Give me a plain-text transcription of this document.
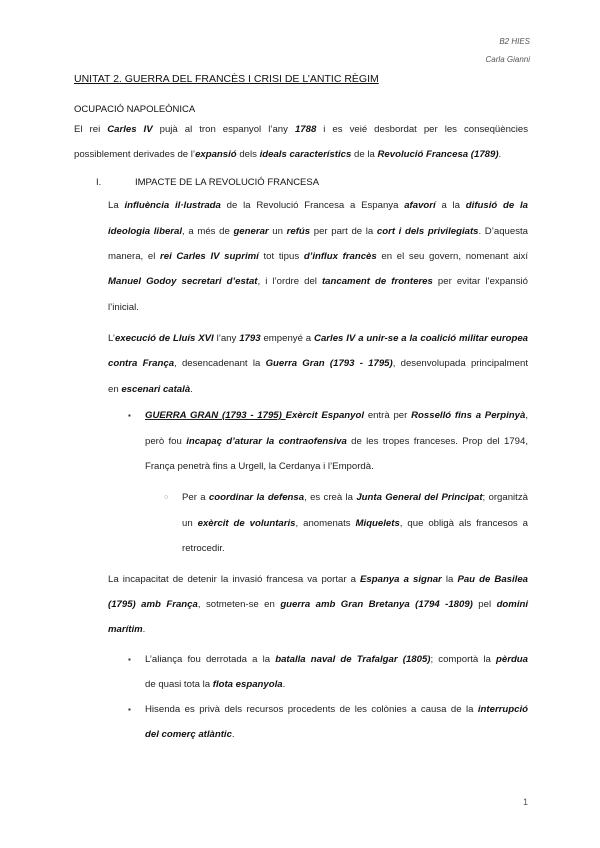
B2 HIES
Carla Gianni
UNITAT 2. GUERRA DEL FRANCÈS I CRISI DE L’ANTIC RÈGIM
OCUPACIÓ NAPOLEÒNICA
El rei Carles IV pujà al tron espanyol l’any 1788 i es veié desbordat per les conseqüències
possiblement derivades de l’expansió dels ideals característics de la Revolució Francesa (1789).
I.	IMPACTE DE LA REVOLUCIÓ FRANCESA
La influència il·lustrada de la Revolució Francesa a Espanya afavorí a la difusió de la
ideologia liberal, a més de generar un refús per part de la cort i dels privilegiats. D’aquesta
manera, el rei Carles IV suprimí tot tipus d’influx francès en el seu govern, nomenant així
Manuel Godoy secretari d’estat, i l’ordre del tancament de fronteres per evitar l’expansió
l’inicial.
L’execució de Lluís XVI l’any 1793 empenyé a Carles IV a unir-se a la coalició militar europea
contra França, desencadenant la Guerra Gran (1793 - 1795), desenvolupada principalment
en escenari català.
▪ GUERRA GRAN (1793 - 1795) Exèrcit Espanyol entrà per Rosselló fins a Perpinyà,
però fou incapaç d’aturar la contraofensiva de les tropes franceses. Prop del 1794,
França penetrà fins a Urgell, la Cerdanya i l’Empordà.
○ Per a coordinar la defensa, es creà la Junta General del Principat; organitzà
un exèrcit de voluntaris, anomenats Miquelets, que obligà als francesos a
retrocedir.
La incapacitat de detenir la invasió francesa va portar a Espanya a signar la Pau de Basilea
(1795) amb França, sotmeten-se en guerra amb Gran Bretanya (1794 -1809) pel domini
marítim.
▪ L’aliança fou derrotada a la batalla naval de Trafalgar (1805); comportà la pèrdua
de quasi tota la flota espanyola.
▪ Hisenda es privà dels recursos procedents de les colònies a causa de la interrupció
del comerç atlàntic.
1
